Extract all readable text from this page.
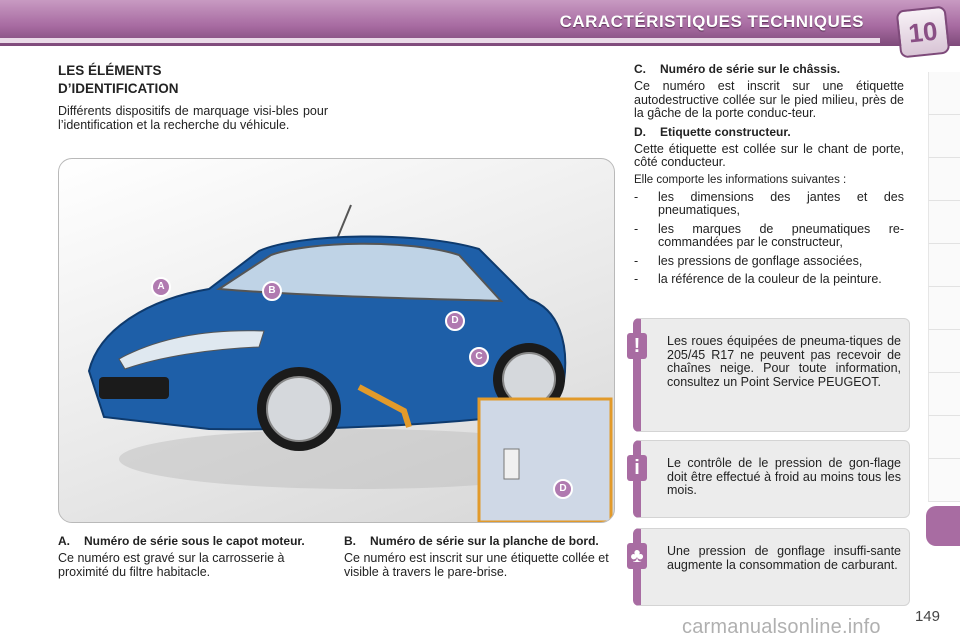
CARACTÉRISTIQUES TECHNIQUES	10
LES ÉLÉMENTS
D’IDENTIFICATION
Différents dispositifs de marquage visi-bles pour l’identification et la recherche du véhicule.
A	B
C
D
D
A. Numéro de série sous le capot moteur.
Ce numéro est gravé sur la carrosserie à proximité du filtre habitacle.
B. Numéro de série sur la planche de bord.
Ce numéro est inscrit sur une étiquette collée et visible à travers le pare-brise.
C. Numéro de série sur le châssis.
Ce numéro est inscrit sur une étiquette autodestructive collée sur le pied milieu, près de la gâche de la porte conduc-teur.
D. Etiquette constructeur.
Cette étiquette est collée sur le chant de porte, côté conducteur.
Elle comporte les informations suivantes :
- les dimensions des jantes et des pneumatiques,
- les marques de pneumatiques re-commandées par le constructeur,
- les pressions de gonflage associées,
- la référence de la couleur de la peinture.
!	Les roues équipées de pneuma-tiques de 205/45 R17 ne peuvent pas recevoir de chaînes neige. Pour toute information, consultez un Point Service PEUGEOT.
i	Le contrôle de le pression de gon-flage doit être effectué à froid au moins tous les mois.
♣ Une pression de gonflage insuffi-sante augmente la consommation de carburant.
149
carmanualsonline.info
